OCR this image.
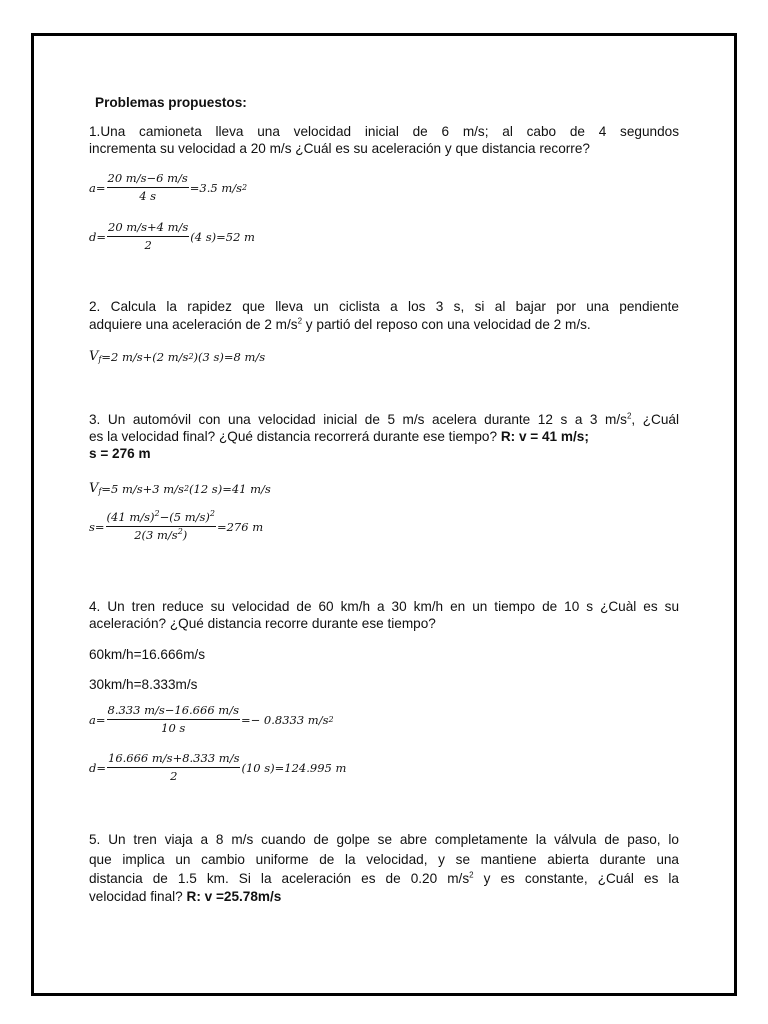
Problemas propuestos:
1.Una camioneta lleva una velocidad inicial de 6 m/s; al cabo de 4 segundos
incrementa su velocidad a 20 m/s ¿Cuál es su aceleración y que distancia recorre?
$a= \frac{20 m/s-6 m/s}{4 s} =3.5$ m/s 2
$d= \frac{20 m/s+4 m/s}{2} (4$ s)=52 m
2. Calcula la rapidez que lleva un ciclista a los 3 s, si al bajar por una pendiente
adquiere una aceleración de 2 $m/s^2$ y partió del reposo con una velocidad de 2 m/s.
V f =2 m/s+(2 m/s 2 )(3 s)=8 m/s
3. Un automóvil con una velocidad inicial de 5 m/s acelera durante 12 s a 3 $m/s^2$, ¿Cuál
es la velocidad final? ¿Qué distancia recorrerá durante ese tiempo? R: v = 41 m/s;
s = 276 m
V f =5 m/s+3 m/s 2 (12 s)=41 m/s
$s= \frac{(41 m/s)^2-(5 m/s)^2}{2(3 m/s^2)} =276$ m
4. Un tren reduce su velocidad de 60 km/h a 30 km/h en un tiempo de 10 s ¿Cuàl es su
aceleración? ¿Qué distancia recorre durante ese tiempo?
60km/h=16.666m/s
30km/h=8.333m/s
$a= \frac{8.333 m/s-16.666 m/s}{10 s} =- 0.8333$ m/s 2
$d= \frac{16.666 m/s+8.333 m/s}{2} (10$ s)=124.995 m
5. Un tren viaja a 8 m/s cuando de golpe se abre completamente la válvula de paso, lo
que implica un cambio uniforme de la velocidad, y se mantiene abierta durante una
distancia de 1.5 km. Si la aceleración es de 0.20 $m/s^2$ y es constante, ¿Cuál es la
velocidad final? R: v =25.78m/s
